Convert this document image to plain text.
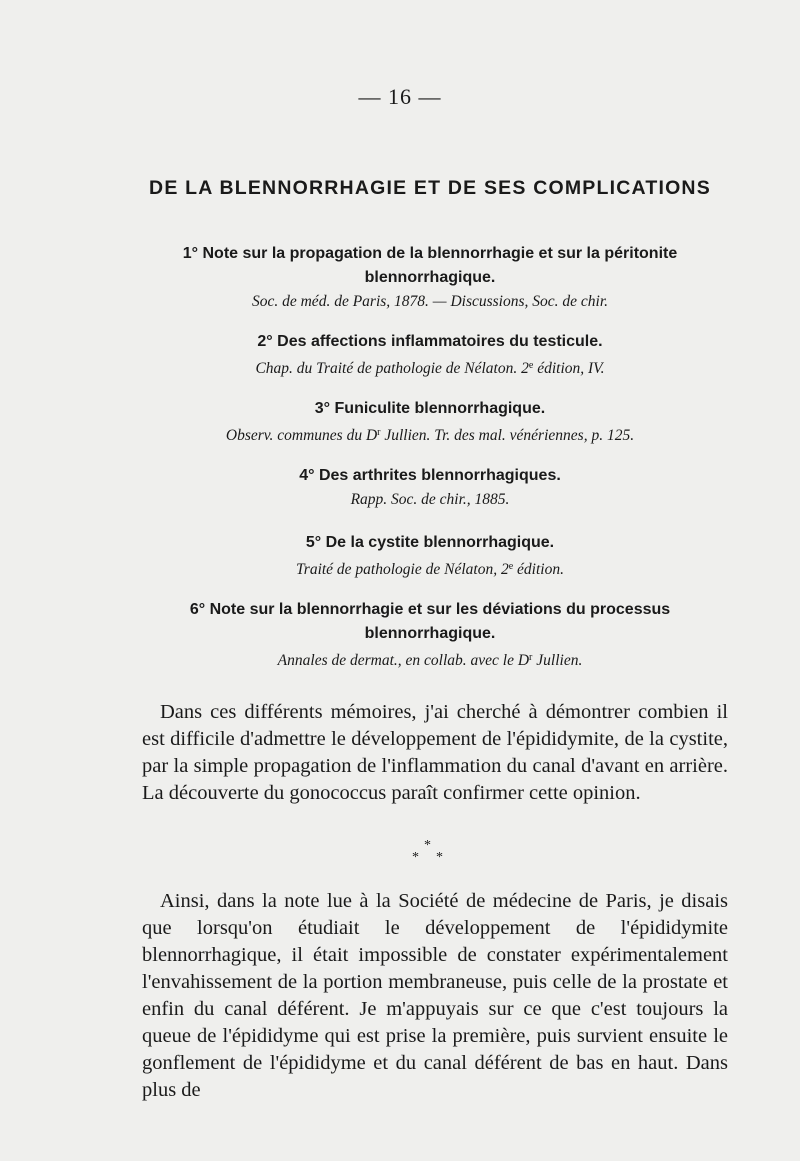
— 16 —
DE LA BLENNORRHAGIE ET DE SES COMPLICATIONS
1° Note sur la propagation de la blennorrhagie et sur la péritonite
blennorrhagique.
Soc. de méd. de Paris, 1878. — Discussions, Soc. de chir.
2° Des affections inflammatoires du testicule.
Chap. du Traité de pathologie de Nélaton. 2e édition, IV.
3° Funiculite blennorrhagique.
Observ. communes du $D^r$ Jullien. Tr. des mal. vénériennes, p. 125.
4° Des arthrites blennorrhagiques.
Rapp. Soc. de chir., 1885.
5° De la cystite blennorrhagique.
Traité de pathologie de Nélaton, 2e édition.
6° Note sur la blennorrhagie et sur les déviations du processus
blennorrhagique.
Annales de dermat., en collab. avec le $D^r$ Jullien.

Dans ces différents mémoires, j'ai cherché à démontrer combien il est difficile d'admettre le développement de l'épididymite, de la cystite, par la simple propagation de l'inflammation du canal d'avant en arrière. La découverte du gonococcus paraît confirmer cette opinion.

*
* *

Ainsi, dans la note lue à la Société de médecine de Paris, je disais que lorsqu'on étudiait le développement de l'épididymite blennorrhagique, il était impossible de constater expérimentalement l'envahissement de la portion membraneuse, puis celle de la prostate et enfin du canal déférent. Je m'appuyais sur ce que c'est toujours la queue de l'épididyme qui est prise la première, puis survient ensuite le gonflement de l'épididyme et du canal déférent de bas en haut. Dans plus de
